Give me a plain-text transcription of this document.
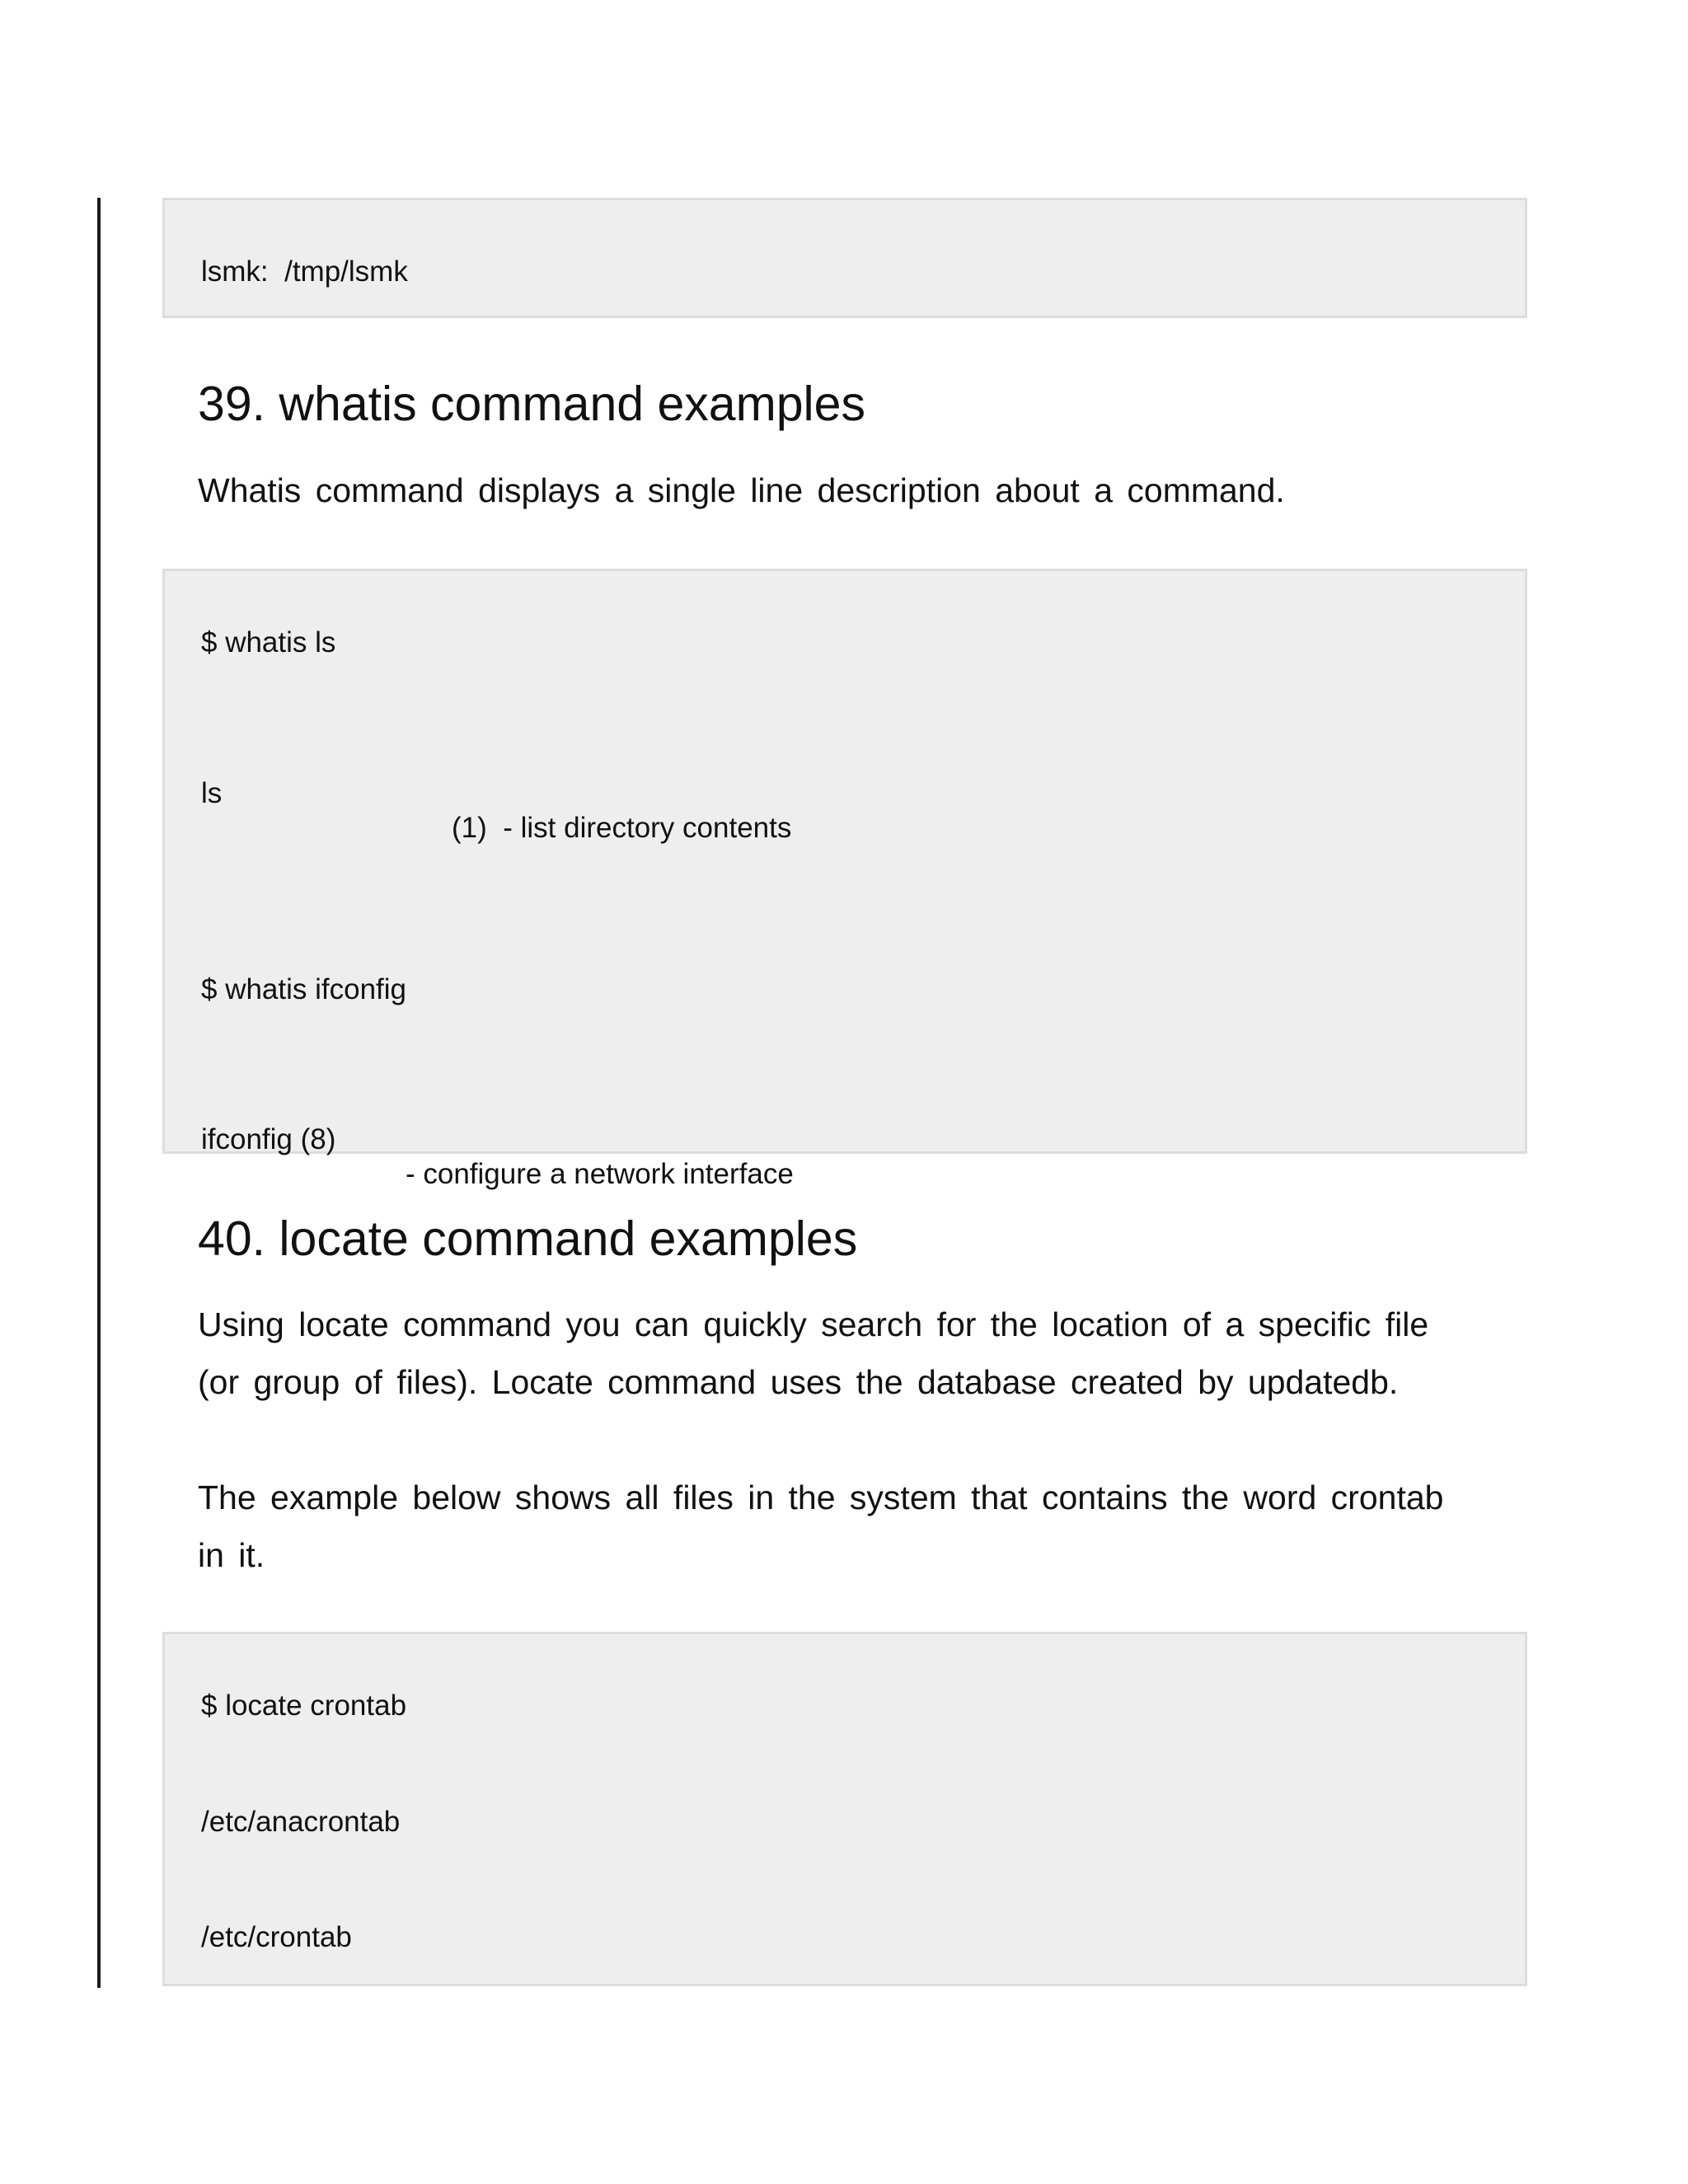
lsmk:  /tmp/lsmk
39. whatis command examples

Whatis command displays a single line description about a command.

$ whatis ls

ls

(1)  - list directory contents

$ whatis ifconfig

ifconfig (8)

- configure a network interface

40. locate command examples

Using locate command you can quickly search for the location of a specific file (or group of files). Locate command uses the database created by updatedb.

The example below shows all files in the system that contains the word crontab in it.

$ locate crontab
/etc/anacrontab
/etc/crontab
